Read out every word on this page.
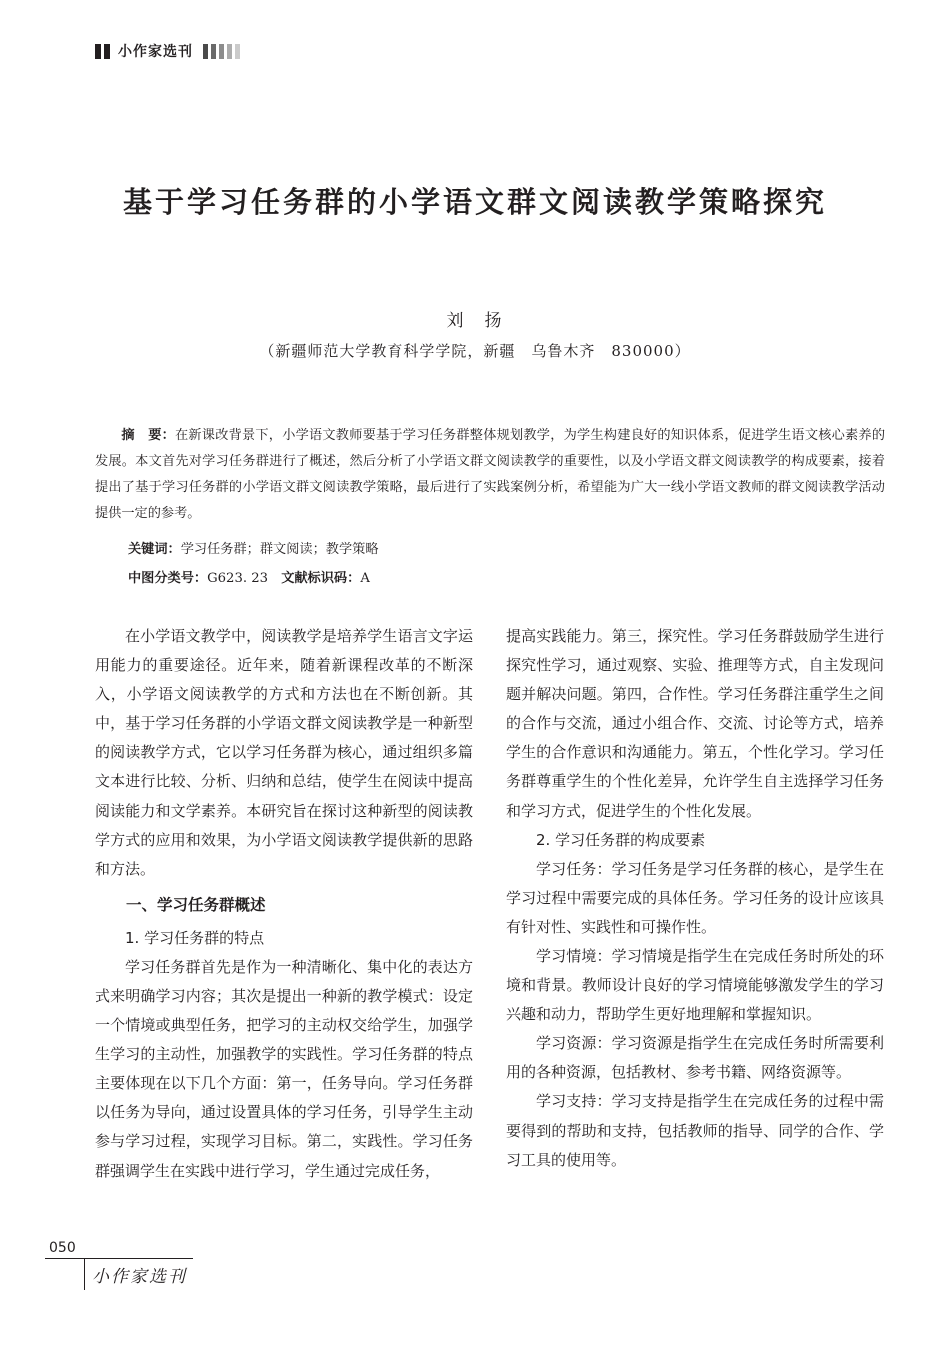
小作家选刊
基于学习任务群的小学语文群文阅读教学策略探究
刘　扬
（新疆师范大学教育科学学院，新疆　乌鲁木齐　830000）

摘　要：在新课改背景下，小学语文教师要基于学习任务群整体规划教学，为学生构建良好的知识体系，促进学生语文核心素养的发展。本文首先对学习任务群进行了概述，然后分析了小学语文群文阅读教学的重要性，以及小学语文群文阅读教学的构成要素，接着提出了基于学习任务群的小学语文群文阅读教学策略，最后进行了实践案例分析，希望能为广大一线小学语文教师的群文阅读教学活动提供一定的参考。

关键词：学习任务群；群文阅读；教学策略
中图分类号：G623. 23　 文献标识码：A

在小学语文教学中，阅读教学是培养学生语言文字运用能力的重要途径。近年来，随着新课程改革的不断深入，小学语文阅读教学的方式和方法也在不断创新。其中，基于学习任务群的小学语文群文阅读教学是一种新型的阅读教学方式，它以学习任务群为核心，通过组织多篇文本进行比较、分析、归纳和总结，使学生在阅读中提高阅读能力和文学素养。本研究旨在探讨这种新型的阅读教学方式的应用和效果，为小学语文阅读教学提供新的思路和方法。

一、学习任务群概述
1. 学习任务群的特点

学习任务群首先是作为一种清晰化、集中化的表达方式来明确学习内容；其次是提出一种新的教学模式：设定一个情境或典型任务，把学习的主动权交给学生，加强学生学习的主动性，加强教学的实践性。学习任务群的特点主要体现在以下几个方面：第一，任务导向。学习任务群以任务为导向，通过设置具体的学习任务，引导学生主动参与学习过程，实现学习目标。第二，实践性。学习任务群强调学生在实践中进行学习，学生通过完成任务，

提高实践能力。第三，探究性。学习任务群鼓励学生进行探究性学习，通过观察、实验、推理等方式，自主发现问题并解决问题。第四，合作性。学习任务群注重学生之间的合作与交流，通过小组合作、交流、讨论等方式，培养学生的合作意识和沟通能力。第五，个性化学习。学习任务群尊重学生的个性化差异，允许学生自主选择学习任务和学习方式，促进学生的个性化发展。

2. 学习任务群的构成要素

学习任务：学习任务是学习任务群的核心，是学生在学习过程中需要完成的具体任务。学习任务的设计应该具有针对性、实践性和可操作性。

学习情境：学习情境是指学生在完成任务时所处的环境和背景。教师设计良好的学习情境能够激发学生的学习兴趣和动力，帮助学生更好地理解和掌握知识。

学习资源：学习资源是指学生在完成任务时所需要利用的各种资源，包括教材、参考书籍、网络资源等。

学习支持：学习支持是指学生在完成任务的过程中需要得到的帮助和支持，包括教师的指导、同学的合作、学习工具的使用等。

050
小作家选刊
